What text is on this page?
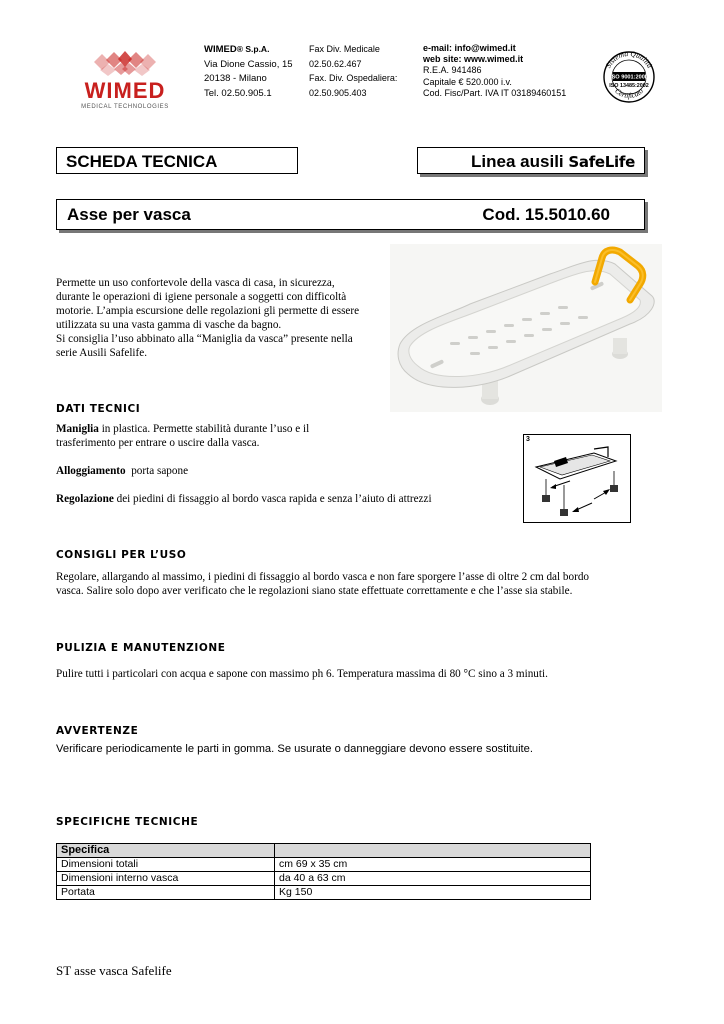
WIMED
MEDICAL TECHNOLOGIES
WIMED® S.p.A.
Via Dione Cassio, 15
20138 - Milano
Tel. 02.50.905.1
Fax Div. Medicale
02.50.62.467
Fax. Div. Ospedaliera:
02.50.905.403
e-mail: info@wimed.it
web site: www.wimed.it
R.E.A. 941486
Capitale € 520.000 i.v.
Cod. Fisc/Part. IVA IT 03189460151
Sistema Qualità
Certificato
ISO 9001:2000
ISO 13485:2002
SCHEDA TECNICA	Linea ausili SafeLife
Asse per vasca	Cod. 15.5010.60
Permette un uso confortevole della vasca di casa, in sicurezza,
durante le operazioni di igiene personale a soggetti con difficoltà
motorie. L’ampia escursione delle regolazioni gli permette di essere
utilizzata su una vasta gamma di vasche da bagno.
Si consiglia l’uso abbinato alla “Maniglia da vasca” presente nella
serie Ausili Safelife.
DATI TECNICI
Maniglia in plastica. Permette stabilità durante l’uso e il
trasferimento per entrare o uscire dalla vasca.
Alloggiamento  porta sapone
Regolazione dei piedini di fissaggio al bordo vasca rapida e senza l’aiuto di attrezzi
3
CONSIGLI PER L’USO
Regolare, allargando al massimo, i piedini di fissaggio al bordo vasca e non fare sporgere l’asse di oltre 2 cm dal bordo
vasca. Salire solo dopo aver verificato che le regolazioni siano state effettuate correttamente e che l’asse sia stabile.
PULIZIA E MANUTENZIONE
Pulire tutti i particolari con acqua e sapone con massimo ph 6. Temperatura massima di 80 °C sino a 3 minuti.
AVVERTENZE
Verificare periodicamente le parti in gomma. Se usurate o danneggiare devono essere sostituite.
SPECIFICHE TECNICHE
Specifica	
Dimensioni totali	cm 69 x 35 cm
Dimensioni interno vasca	da 40 a 63 cm
Portata	Kg 150
ST asse vasca Safelife
